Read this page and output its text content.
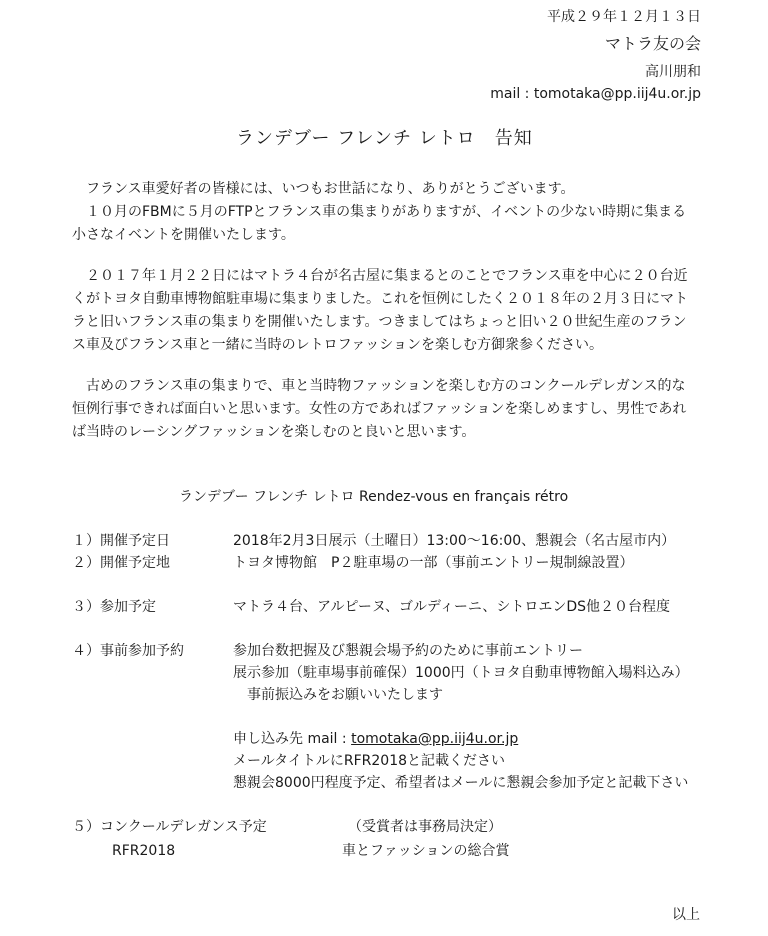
平成２９年１２月１３日
マトラ友の会
高川朋和
mail : tomotaka@pp.iij4u.or.jp
ランデブー フレンチ レトロ　告知
　フランス車愛好者の皆様には、いつもお世話になり、ありがとうございます。
　１０月のFBMに５月のFTPとフランス車の集まりがありますが、イベントの少ない時期に集まる
小さなイベントを開催いたします。
　２０１７年１月２２日にはマトラ４台が名古屋に集まるとのことでフランス車を中心に２０台近
くがトヨタ自動車博物館駐車場に集まりました。これを恒例にしたく２０１８年の２月３日にマト
ラと旧いフランス車の集まりを開催いたします。つきましてはちょっと旧い２０世紀生産のフラン
ス車及びフランス車と一緒に当時のレトロファッションを楽しむ方御衆参ください。
　古めのフランス車の集まりで、車と当時物ファッションを楽しむ方のコンクールデレガンス的な
恒例行事できれば面白いと思います。女性の方であればファッションを楽しめますし、男性であれ
ば当時のレーシングファッションを楽しむのと良いと思います。
ランデブー フレンチ レトロ Rendez-vous en français rétro
１）開催予定日	2018年2月3日展示（土曜日）13:00～16:00、懇親会（名古屋市内）
２）開催予定地	トヨタ博物館　P２駐車場の一部（事前エントリー規制線設置）
３）参加予定	マトラ４台、アルピーヌ、ゴルディーニ、シトロエンDS他２０台程度
４）事前参加予約	参加台数把握及び懇親会場予約のために事前エントリー
展示参加（駐車場事前確保）1000円（トヨタ自動車博物館入場料込み）
　事前振込みをお願いいたします
申し込み先 mail : tomotaka@pp.iij4u.or.jp
メールタイトルにRFR2018と記載ください
懇親会8000円程度予定、希望者はメールに懇親会参加予定と記載下さい
５）コンクールデレガンス予定	（受賞者は事務局決定）
RFR2018	車とファッションの総合賞
以上
